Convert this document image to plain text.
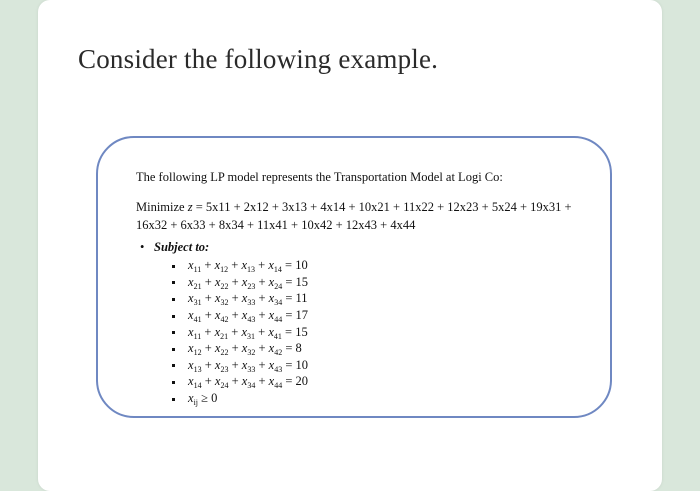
Consider the following example.
The following LP model represents the Transportation Model at Logi Co:
Minimize z = 5x11 + 2x12 + 3x13 + 4x14 + 10x21 + 11x22 + 12x23 + 5x24 + 19x31 +
16x32 + 6x33 + 8x34 + 11x41 + 10x42 + 12x43 + 4x44
• Subject to:
$x_{11} + x_{12} + x_{13} + x_{14} = 10$
$x_{21} + x_{22} + x_{23} + x_{24} = 15$
$x_{31} + x_{32} + x_{33} + x_{34} = 11$
$x_{41} + x_{42} + x_{43} + x_{44} = 17$
$x_{11} + x_{21} + x_{31} + x_{41} = 15$
$x_{12} + x_{22} + x_{32} + x_{42} = 8$
$x_{13} + x_{23} + x_{33} + x_{43} = 10$
$x_{14} + x_{24} + x_{34} + x_{44} = 20$
$x_{ij} \ge 0$
